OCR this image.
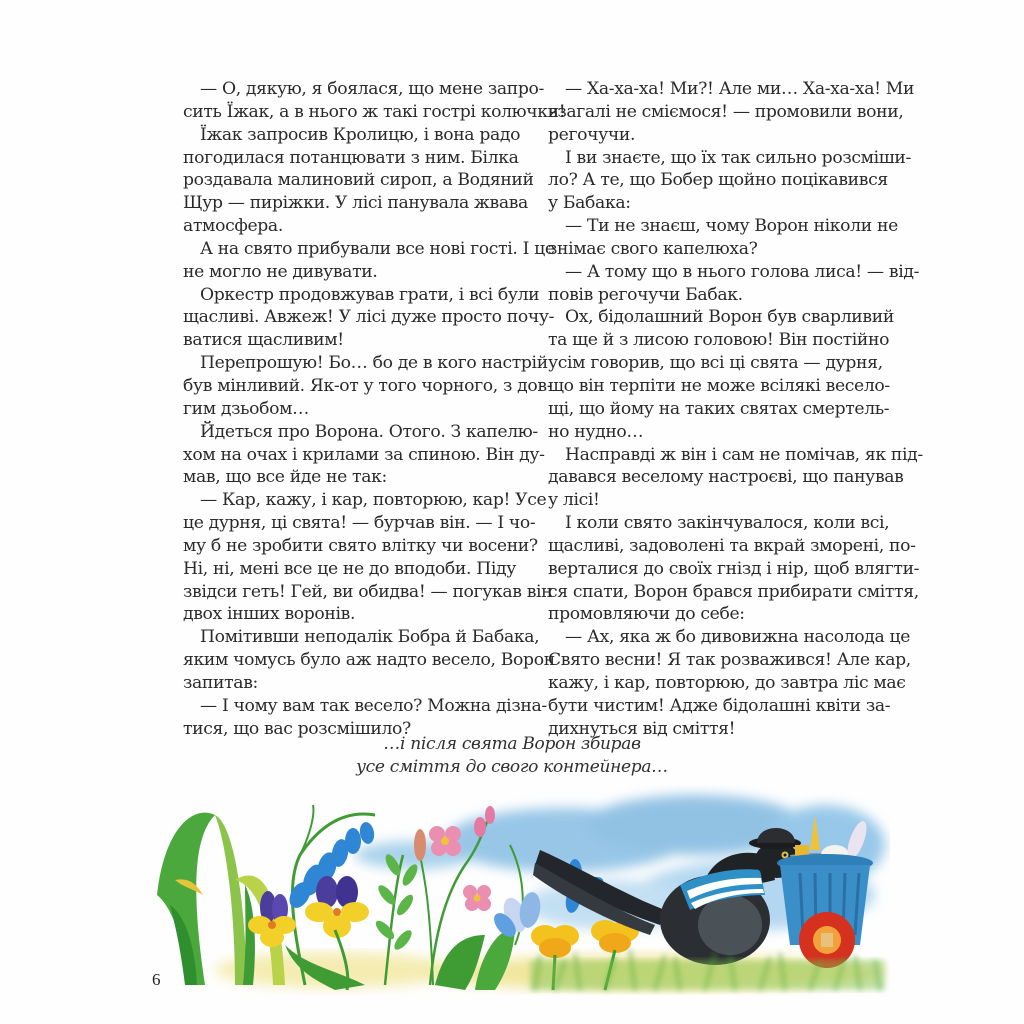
— О, дякую, я боялася, що мене запро-
сить Їжак, а в нього ж такі гострі колючки!
Їжак запросив Кролицю, і вона радо
погодилася потанцювати з ним. Білка
роздавала малиновий сироп, а Водяний
Щур — пиріжки. У лісі панувала жвава
атмосфера.
А на свято прибували все нові гості. І це
не могло не дивувати.
Оркестр продовжував грати, і всі були
щасливі. Авжеж! У лісі дуже просто почу-
ватися щасливим!
Перепрошую! Бо… бо де в кого настрій
був мінливий. Як-от у того чорного, з дов-
гим дзьобом…
Йдеться про Ворона. Отого. З капелю-
хом на очах і крилами за спиною. Він ду-
мав, що все йде не так:
— Кар, кажу, і кар, повторюю, кар! Усе
це дурня, ці свята! — бурчав він. — І чо-
му б не зробити свято влітку чи восени?
Ні, ні, мені все це не до вподоби. Піду
звідси геть! Гей, ви обидва! — погукав він
двох інших воронів.
Помітивши неподалік Бобра й Бабака,
яким чомусь було аж надто весело, Ворон
запитав:
— І чому вам так весело? Можна дізна-
тися, що вас розсмішило?
— Ха-ха-ха! Ми?! Але ми… Ха-ха-ха! Ми
взагалі не сміємося! — промовили вони,
регочучи.
І ви знаєте, що їх так сильно розсміши-
ло? А те, що Бобер щойно поцікавився
у Бабака:
— Ти не знаєш, чому Ворон ніколи не
знімає свого капелюха?
— А тому що в нього голова лиса! — від-
повів регочучи Бабак.
Ох, бідолашний Ворон був сварливий
та ще й з лисою головою! Він постійно
усім говорив, що всі ці свята — дурня,
що він терпіти не може всілякі весело-
щі, що йому на таких святах смертель-
но нудно…
Насправді ж він і сам не помічав, як під-
давався веселому настроєві, що панував
у лісі!
І коли свято закінчувалося, коли всі,
щасливі, задоволені та вкрай зморені, по-
верталися до своїх гнізд і нір, щоб влягти-
ся спати, Ворон брався прибирати сміття,
промовляючи до себе:
— Ах, яка ж бо дивовижна насолода це
Свято весни! Я так розважився! Але кар,
кажу, і кар, повторюю, до завтра ліс має
бути чистим! Адже бідолашні квіти за-
дихнуться від сміття!
…і після свята Ворон збирав
усе сміття до свого контейнера…
6
